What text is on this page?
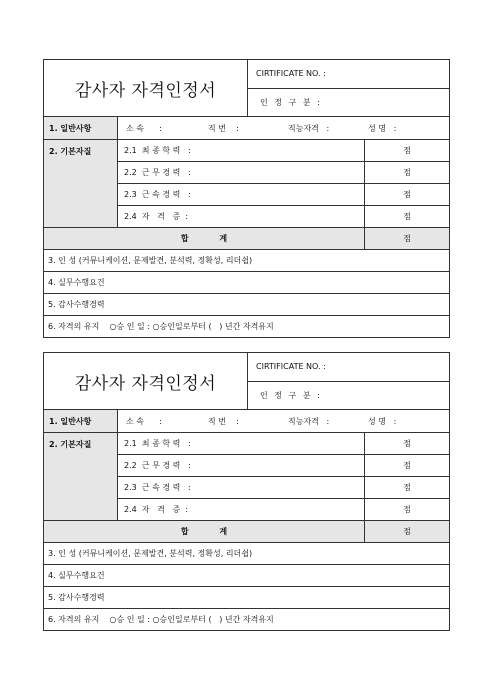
감사자 자격인정서
CIRTIFICATE NO. :
인 정 구 분 :
1. 일반사항	소 속      :	직 번    :	직능자격   :	성 명   :
2. 기본자질	2.1  최 종 학 력   :	점
2.2  근 무 경 력   :	점
2.3  근 속 경 력   :	점
2.4  자   격   증  :	점
합 계	점
3. 인 성 (커뮤니케이션, 문제발견, 분석력, 정확성, 리더쉽)
4. 실무수행요건
5. 감사수행경력
6. 자격의 유지    ○승 인 일 : ○승인일로부터 (   ) 년간 자격유지
감사자 자격인정서
CIRTIFICATE NO. :
인 정 구 분 :
1. 일반사항	소 속      :	직 번    :	직능자격   :	성 명   :
2. 기본자질	2.1  최 종 학 력   :	점
2.2  근 무 경 력   :	점
2.3  근 속 경 력   :	점
2.4  자   격   증  :	점
합 계	점
3. 인 성 (커뮤니케이션, 문제발견, 분석력, 정확성, 리더쉽)
4. 실무수행요건
5. 감사수행경력
6. 자격의 유지    ○승 인 일 : ○승인일로부터 (   ) 년간 자격유지
